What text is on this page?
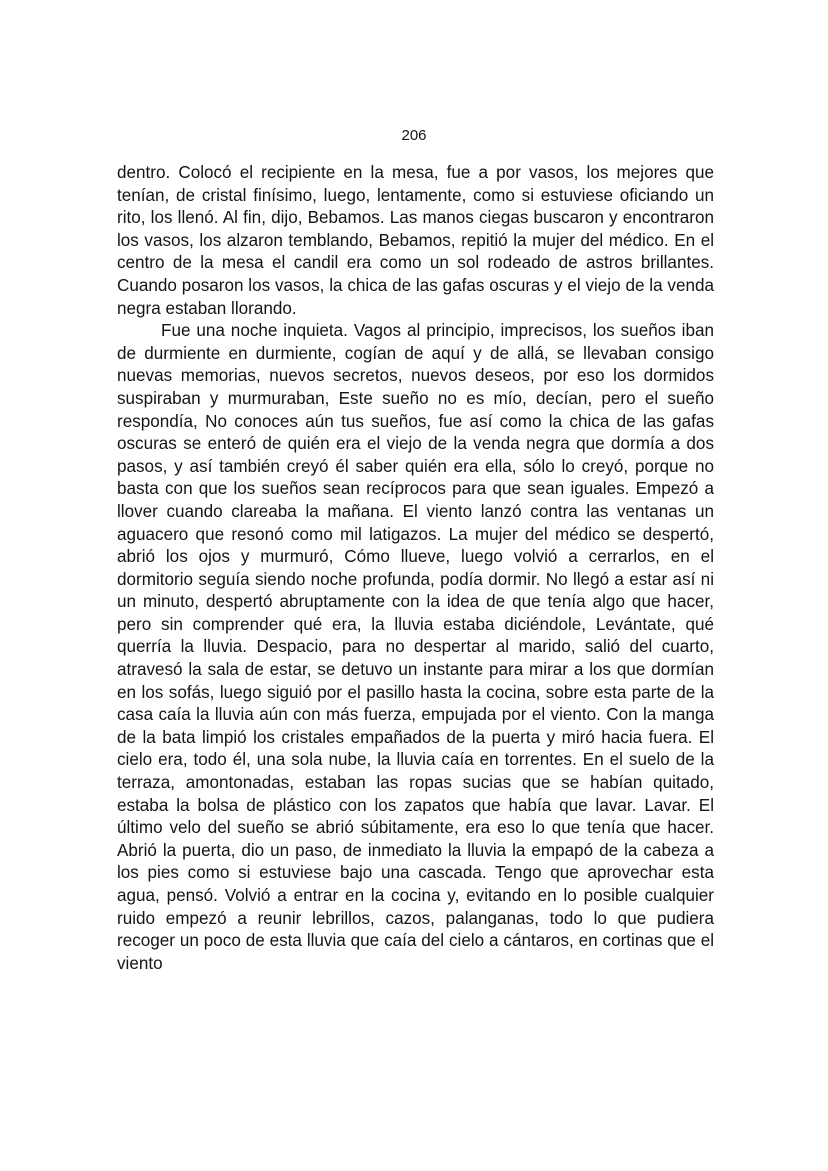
206

dentro. Colocó el recipiente en la mesa, fue a por vasos, los mejores que tenían, de cristal finísimo, luego, lentamente, como si estuviese oficiando un rito, los llenó. Al fin, dijo, Bebamos. Las manos ciegas buscaron y encontraron los vasos, los alzaron temblando, Bebamos, repitió la mujer del médico. En el centro de la mesa el candil era como un sol rodeado de astros brillantes. Cuando posaron los vasos, la chica de las gafas oscuras y el viejo de la venda negra estaban llorando.

Fue una noche inquieta. Vagos al principio, imprecisos, los sueños iban de durmiente en durmiente, cogían de aquí y de allá, se llevaban consigo nuevas memorias, nuevos secretos, nuevos deseos, por eso los dormidos suspiraban y murmuraban, Este sueño no es mío, decían, pero el sueño respondía, No conoces aún tus sueños, fue así como la chica de las gafas oscuras se enteró de quién era el viejo de la venda negra que dormía a dos pasos, y así también creyó él saber quién era ella, sólo lo creyó, porque no basta con que los sueños sean recíprocos para que sean iguales. Empezó a llover cuando clareaba la mañana. El viento lanzó contra las ventanas un aguacero que resonó como mil latigazos. La mujer del médico se despertó, abrió los ojos y murmuró, Cómo llueve, luego volvió a cerrarlos, en el dormitorio seguía siendo noche profunda, podía dormir. No llegó a estar así ni un minuto, despertó abruptamente con la idea de que tenía algo que hacer, pero sin comprender qué era, la lluvia estaba diciéndole, Levántate, qué querría la lluvia. Despacio, para no despertar al marido, salió del cuarto, atravesó la sala de estar, se detuvo un instante para mirar a los que dormían en los sofás, luego siguió por el pasillo hasta la cocina, sobre esta parte de la casa caía la lluvia aún con más fuerza, empujada por el viento. Con la manga de la bata limpió los cristales empañados de la puerta y miró hacia fuera. El cielo era, todo él, una sola nube, la lluvia caía en torrentes. En el suelo de la terraza, amontonadas, estaban las ropas sucias que se habían quitado, estaba la bolsa de plástico con los zapatos que había que lavar. Lavar. El último velo del sueño se abrió súbitamente, era eso lo que tenía que hacer. Abrió la puerta, dio un paso, de inmediato la lluvia la empapó de la cabeza a los pies como si estuviese bajo una cascada. Tengo que aprovechar esta agua, pensó. Volvió a entrar en la cocina y, evitando en lo posible cualquier ruido empezó a reunir lebrillos, cazos, palanganas, todo lo que pudiera recoger un poco de esta lluvia que caía del cielo a cántaros, en cortinas que el viento
